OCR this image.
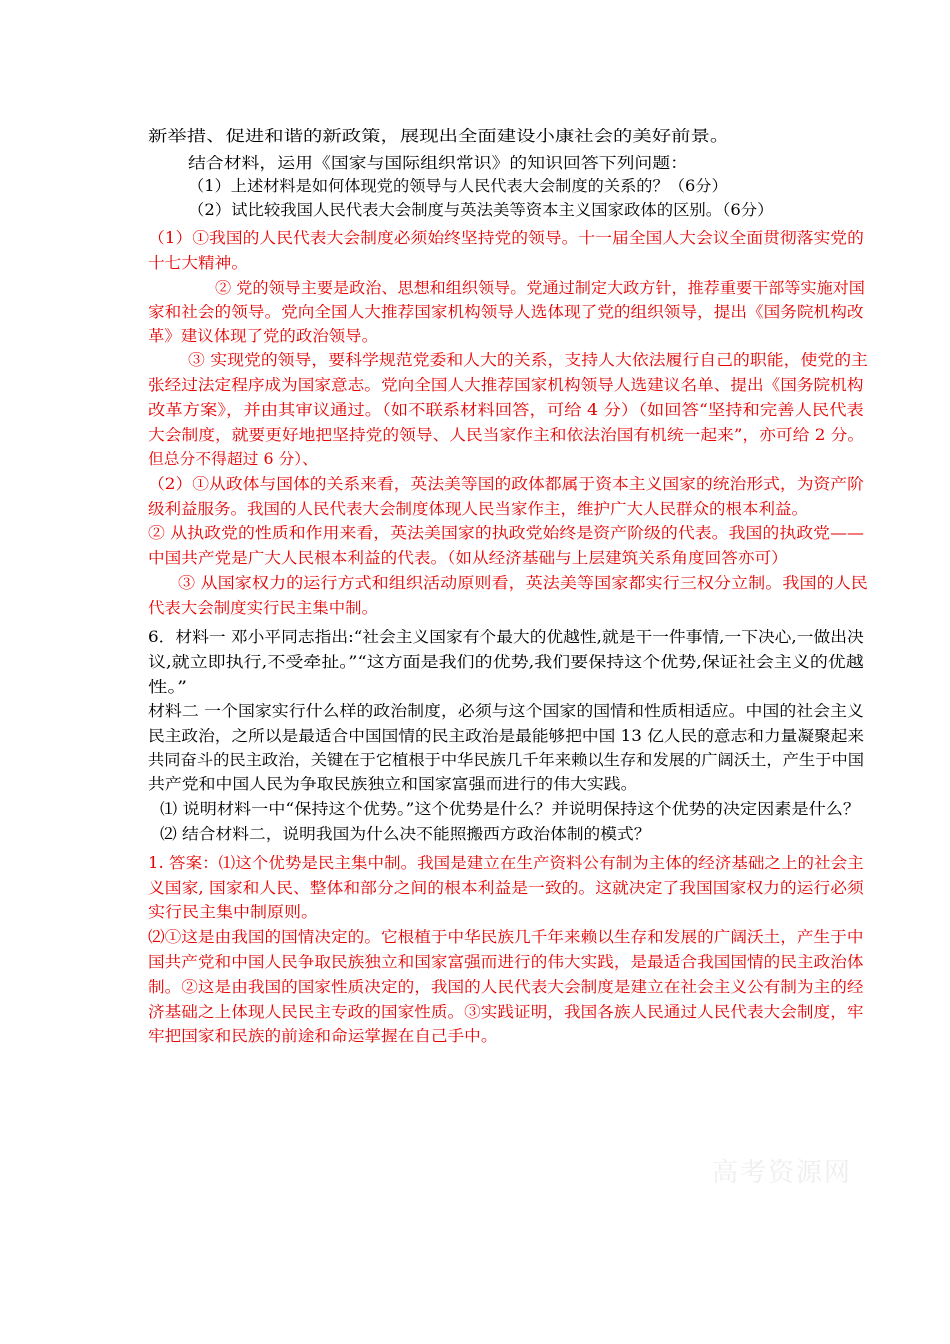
新举措、促进和谐的新政策，展现出全面建设小康社会的美好前景。
结合材料，运用《国家与国际组织常识》的知识回答下列问题：
（1）上述材料是如何体现党的领导与人民代表大会制度的关系的？（6分）
（2）试比较我国人民代表大会制度与英法美等资本主义国家政体的区别。（6分）
（1）①我国的人民代表大会制度必须始终坚持党的领导。十一届全国人大会议全面贯彻落实党的
十七大精神。
② 党的领导主要是政治、思想和组织领导。党通过制定大政方针，推荐重要干部等实施对国
家和社会的领导。党向全国人大推荐国家机构领导人选体现了党的组织领导，提出《国务院机构改
革》建议体现了党的政治领导。
③ 实现党的领导，要科学规范党委和人大的关系，支持人大依法履行自己的职能，使党的主
张经过法定程序成为国家意志。党向全国人大推荐国家机构领导人选建议名单、提出《国务院机构
改革方案》，并由其审议通过。（如不联系材料回答，可给 4 分）（如回答“坚持和完善人民代表
大会制度，就要更好地把坚持党的领导、人民当家作主和依法治国有机统一起来”，亦可给 2 分。
但总分不得超过 6 分）、
（2）①从政体与国体的关系来看，英法美等国的政体都属于资本主义国家的统治形式，为资产阶
级利益服务。我国的人民代表大会制度体现人民当家作主，维护广大人民群众的根本利益。
② 从执政党的性质和作用来看，英法美国家的执政党始终是资产阶级的代表。我国的执政党——
中国共产党是广大人民根本利益的代表。（如从经济基础与上层建筑关系角度回答亦可）
③ 从国家权力的运行方式和组织活动原则看，英法美等国家都实行三权分立制。我国的人民
代表大会制度实行民主集中制。
6．材料一 邓小平同志指出:“社会主义国家有个最大的优越性,就是干一件事情,一下决心,一做出决
议,就立即执行,不受牵扯。”“这方面是我们的优势,我们要保持这个优势,保证社会主义的优越
性。”
材料二 一个国家实行什么样的政治制度，必须与这个国家的国情和性质相适应。中国的社会主义
民主政治，之所以是最适合中国国情的民主政治是最能够把中国 13 亿人民的意志和力量凝聚起来
共同奋斗的民主政治，关键在于它植根于中华民族几千年来赖以生存和发展的广阔沃土，产生于中国
共产党和中国人民为争取民族独立和国家富强而进行的伟大实践。
⑴ 说明材料一中“保持这个优势。”这个优势是什么？并说明保持这个优势的决定因素是什么？
⑵ 结合材料二，说明我国为什么决不能照搬西方政治体制的模式？
1. 答案：⑴这个优势是民主集中制。我国是建立在生产资料公有制为主体的经济基础之上的社会主
义国家, 国家和人民、整体和部分之间的根本利益是一致的。这就决定了我国国家权力的运行必须
实行民主集中制原则。
⑵①这是由我国的国情决定的。它根植于中华民族几千年来赖以生存和发展的广阔沃土，产生于中
国共产党和中国人民争取民族独立和国家富强而进行的伟大实践，是最适合我国国情的民主政治体
制。②这是由我国的国家性质决定的，我国的人民代表大会制度是建立在社会主义公有制为主的经
济基础之上体现人民民主专政的国家性质。③实践证明，我国各族人民通过人民代表大会制度，牢
牢把国家和民族的前途和命运掌握在自己手中。
高考资源网
